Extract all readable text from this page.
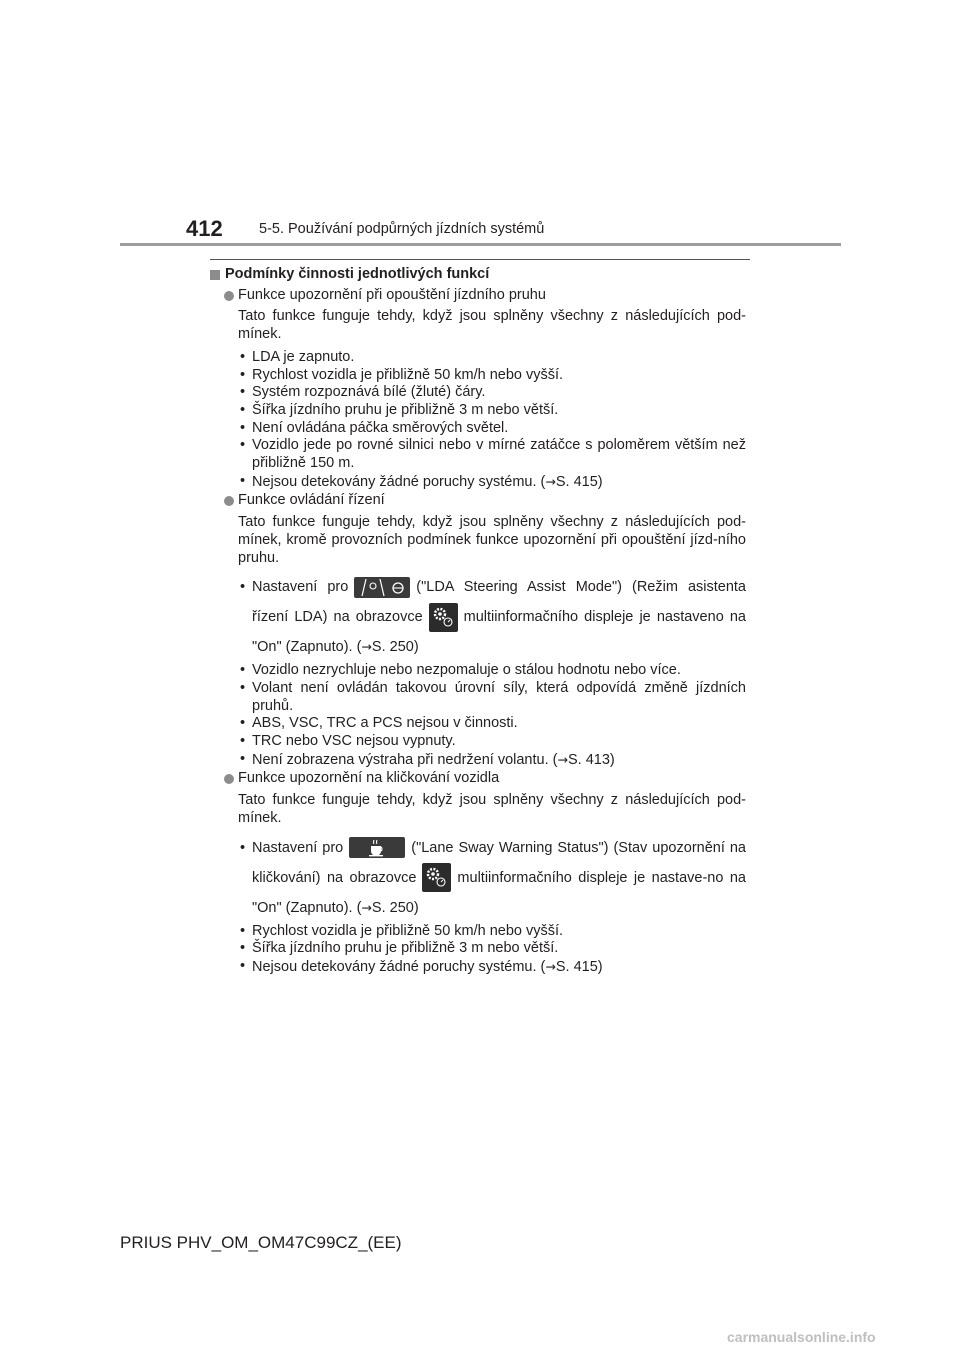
412	5-5. Používání podpůrných jízdních systémů
Podmínky činnosti jednotlivých funkcí
Funkce upozornění při opouštění jízdního pruhu
Tato funkce funguje tehdy, když jsou splněny všechny z následujících pod-mínek.
• LDA je zapnuto.
• Rychlost vozidla je přibližně 50 km/h nebo vyšší.
• Systém rozpoznává bílé (žluté) čáry.
• Šířka jízdního pruhu je přibližně 3 m nebo větší.
• Není ovládána páčka směrových světel.
• Vozidlo jede po rovné silnici nebo v mírné zatáčce s poloměrem větším než přibližně 150 m.
• Nejsou detekovány žádné poruchy systému. (→S. 415)
Funkce ovládání řízení
Tato funkce funguje tehdy, když jsou splněny všechny z následujících pod-mínek, kromě provozních podmínek funkce upozornění při opouštění jízd-ního pruhu.
• Nastavení pro	("LDA Steering Assist Mode") (Režim asistenta řízení LDA) na obrazovce	multiinformačního displeje je nastaveno na "On" (Zapnuto). (→S. 250)
• Vozidlo nezrychluje nebo nezpomaluje o stálou hodnotu nebo více.
• Volant není ovládán takovou úrovní síly, která odpovídá změně jízdních pruhů.
• ABS, VSC, TRC a PCS nejsou v činnosti.
• TRC nebo VSC nejsou vypnuty.
• Není zobrazena výstraha při nedržení volantu. (→S. 413)
Funkce upozornění na kličkování vozidla
Tato funkce funguje tehdy, když jsou splněny všechny z následujících pod-mínek.
• Nastavení pro	("Lane Sway Warning Status") (Stav upozornění na kličkování) na obrazovce	multiinformačního displeje je nastave-no na "On" (Zapnuto). (→S. 250)
• Rychlost vozidla je přibližně 50 km/h nebo vyšší.
• Šířka jízdního pruhu je přibližně 3 m nebo větší.
• Nejsou detekovány žádné poruchy systému. (→S. 415)
PRIUS PHV_OM_OM47C99CZ_(EE)
carmanualsonline.info
